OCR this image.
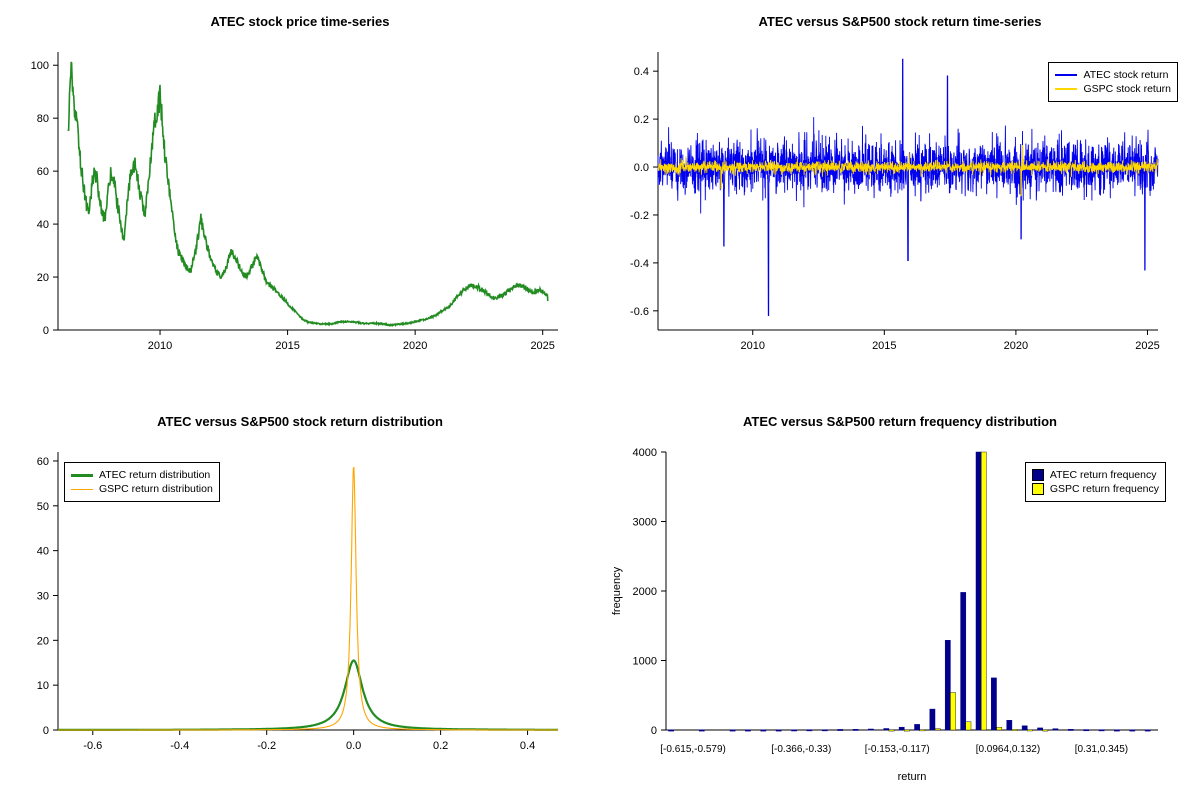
ATEC stock price time-series
2010	2015	2020	2025
0
20
40
60
80
100
ATEC versus S&P500 stock return time-series
2010	2015	2020	2025
-0.6
-0.4
-0.2
0.0
0.2
0.4	ATEC stock return
GSPC stock return
ATEC versus S&P500 stock return distribution
-0.6	-0.4	-0.2	0.0	0.2	0.4
0
10
20
30
40
50
60
ATEC return distribution
GSPC return distribution
ATEC versus S&P500 return frequency distribution
0
1000
2000
3000
4000
[-0.615,-0.579)	[-0.366,-0.33)	[-0.153,-0.117)	[0.0964,0.132)	[0.31,0.345)
return
frequency
ATEC return frequency
GSPC return frequency
